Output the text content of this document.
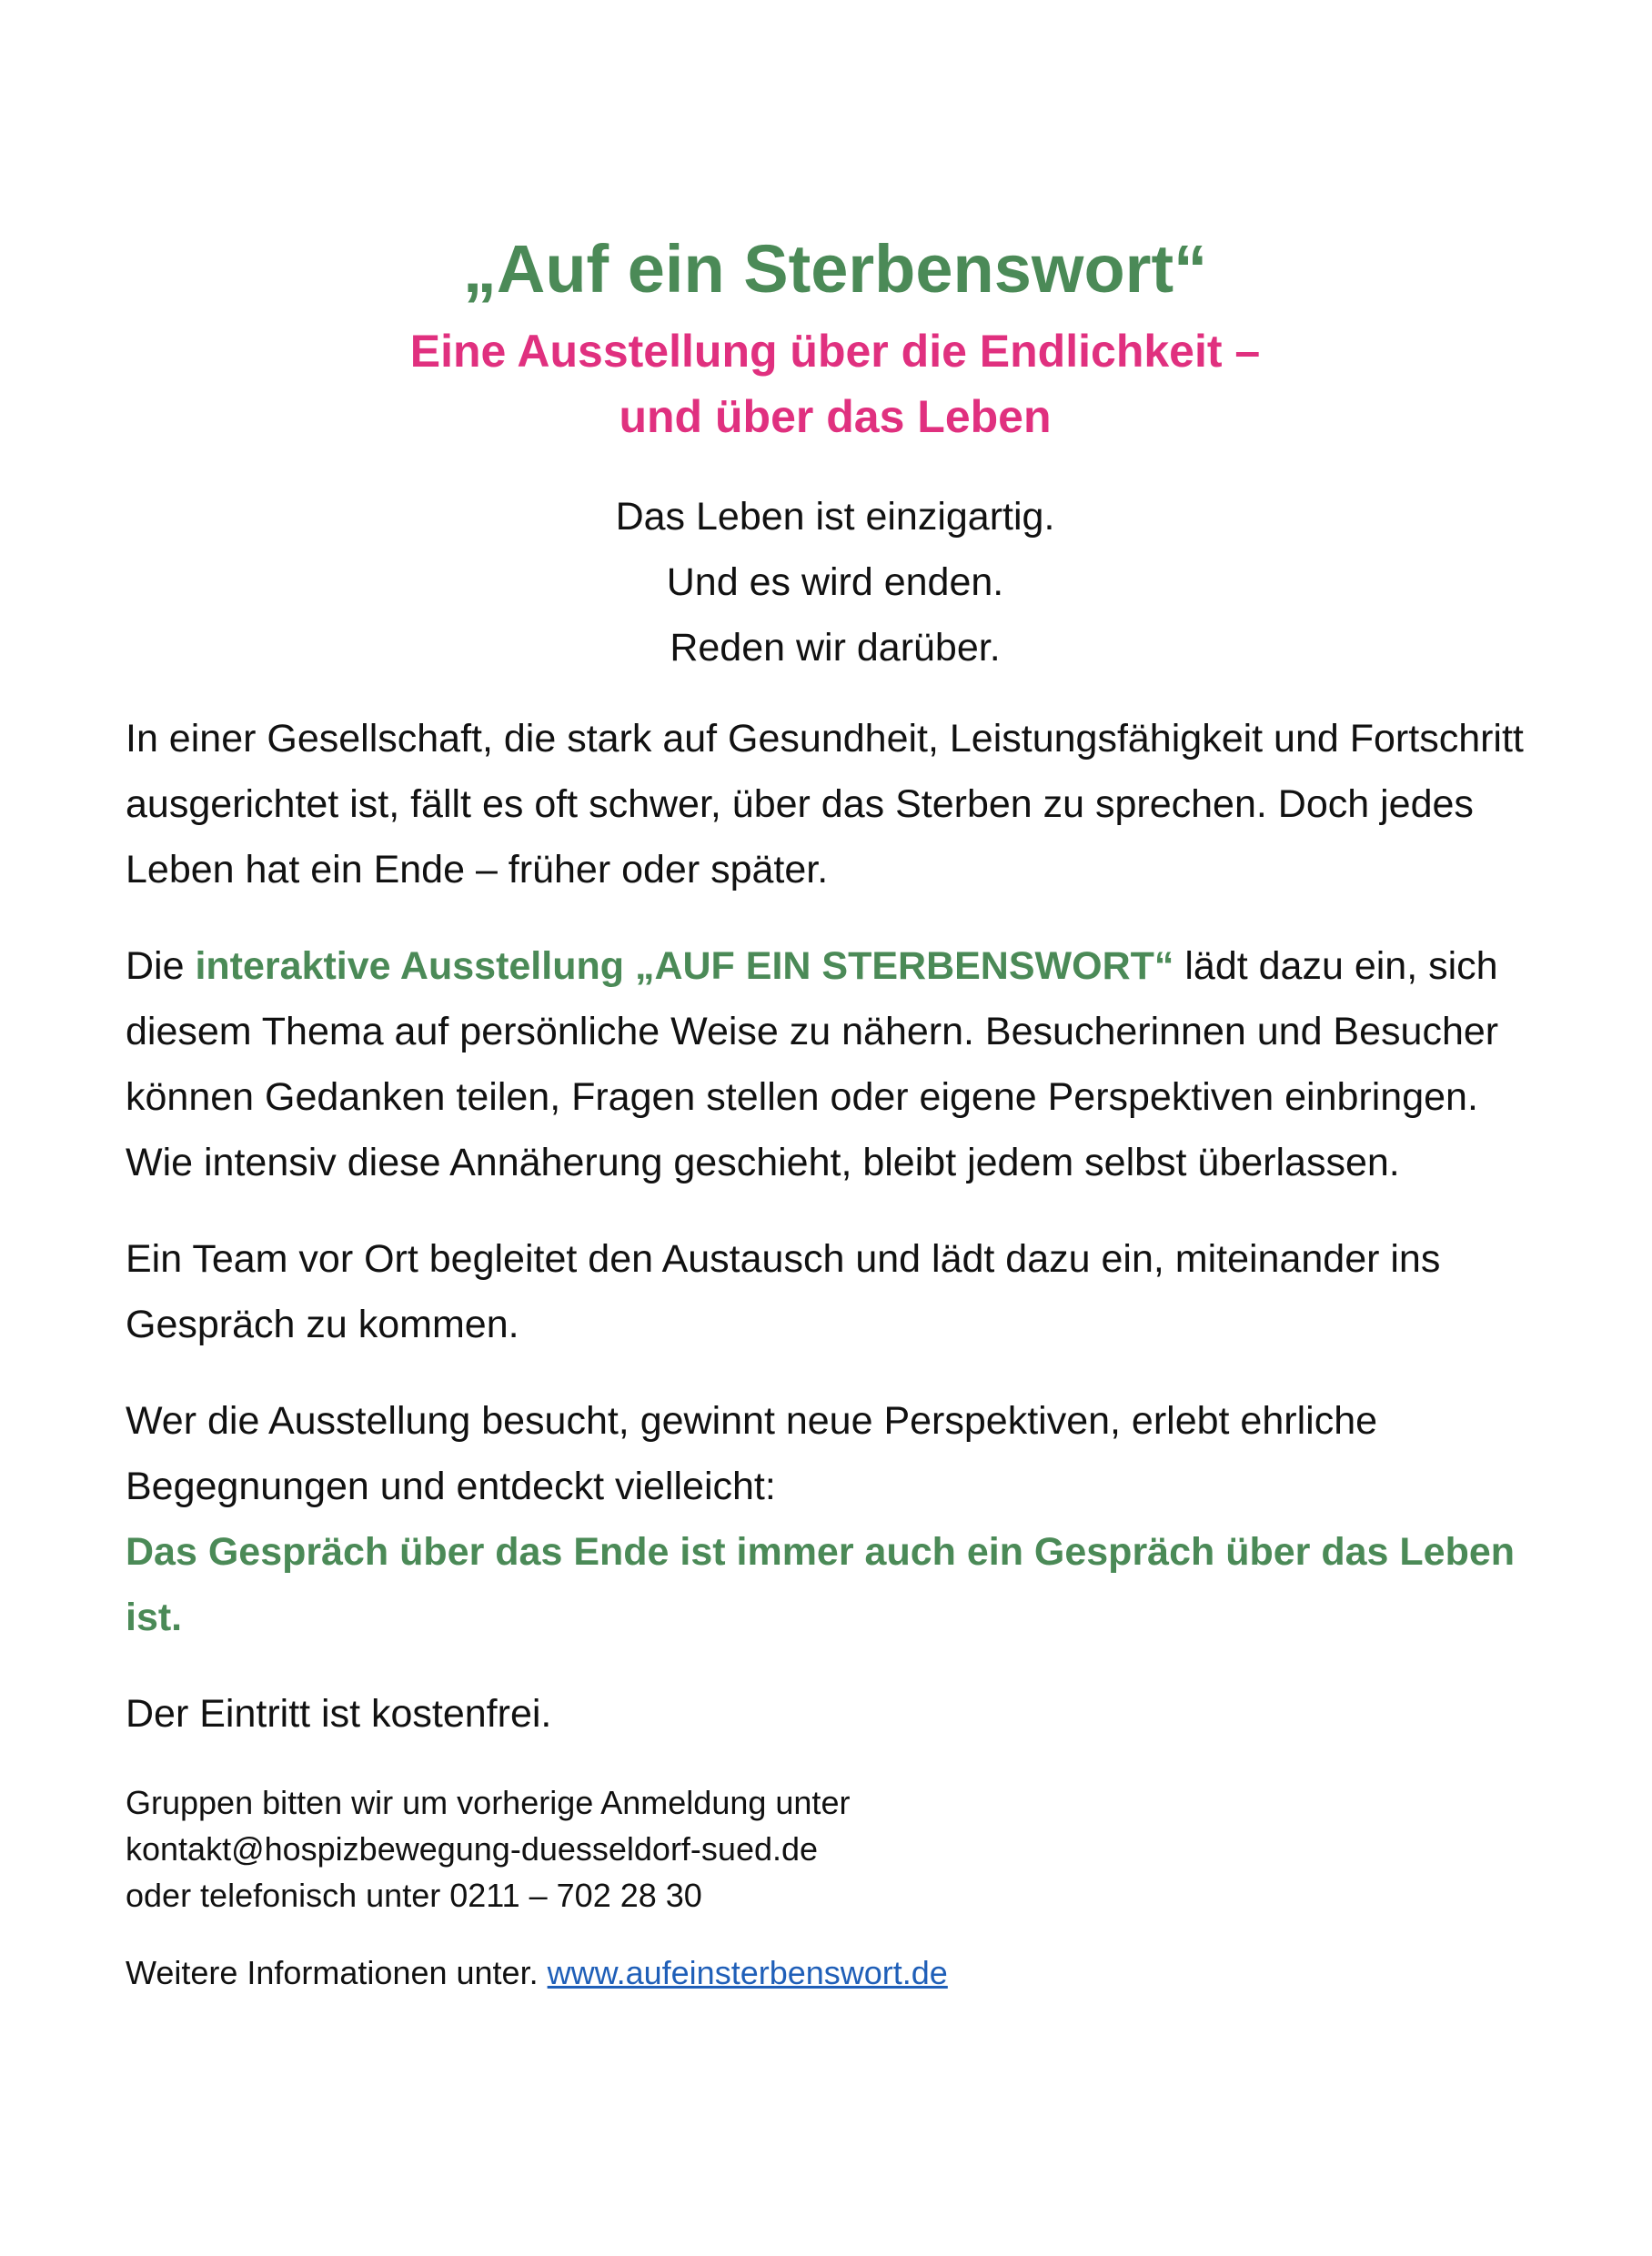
„Auf ein Sterbenswort“
Eine Ausstellung über die Endlichkeit –
und über das Leben
Das Leben ist einzigartig.
Und es wird enden.
Reden wir darüber.

In einer Gesellschaft, die stark auf Gesundheit, Leistungsfähigkeit und Fortschritt ausgerichtet ist, fällt es oft schwer, über das Sterben zu sprechen. Doch jedes Leben hat ein Ende – früher oder später.

Die interaktive Ausstellung „AUF EIN STERBENSWORT“ lädt dazu ein, sich diesem Thema auf persönliche Weise zu nähern. Besucherinnen und Besucher können Gedanken teilen, Fragen stellen oder eigene Perspektiven einbringen. Wie intensiv diese Annäherung geschieht, bleibt jedem selbst überlassen.

Ein Team vor Ort begleitet den Austausch und lädt dazu ein, miteinander ins Gespräch zu kommen.

Wer die Ausstellung besucht, gewinnt neue Perspektiven, erlebt ehrliche Begegnungen und entdeckt vielleicht:

Das Gespräch über das Ende ist immer auch ein Gespräch über das Leben ist.

Der Eintritt ist kostenfrei.

Gruppen bitten wir um vorherige Anmeldung unter
kontakt@hospizbewegung-duesseldorf-sued.de
oder telefonisch unter 0211 – 702 28 30
Weitere Informationen unter. www.aufeinsterbenswort.de
